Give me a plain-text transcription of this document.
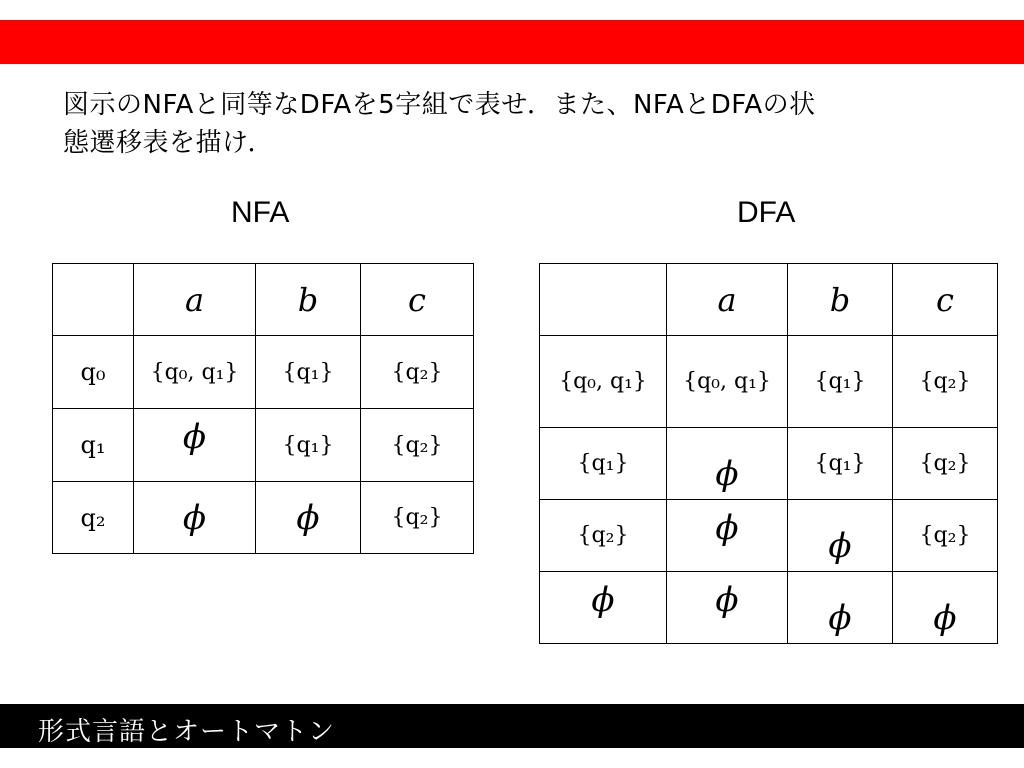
図示のNFAと同等なDFAを5字組で表せ．また、NFAとDFAの状
態遷移表を描け．
NFA	DFA
	a	b	c
q₀	{q₀, q₁}	{q₁}	{q₂}
q₁	ϕ	{q₁}	{q₂}
q₂	ϕ	ϕ	{q₂}
	a	b	c
{q₀, q₁}	{q₀, q₁}	{q₁}	{q₂}
{q₁}	ϕ	{q₁}	{q₂}
{q₂}	ϕ	ϕ	{q₂}
ϕ	ϕ	ϕ	ϕ
形式言語とオートマトン
